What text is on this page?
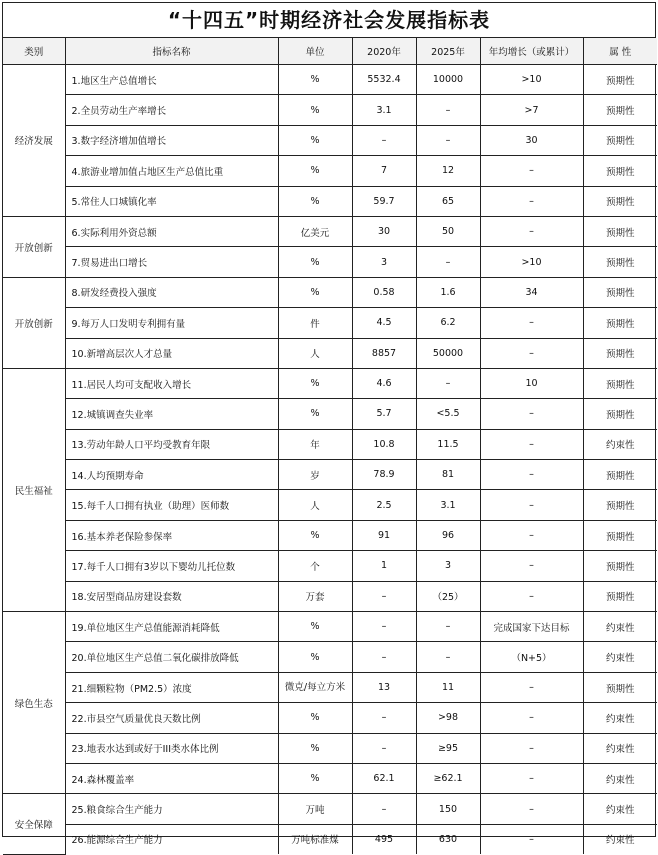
“十四五”时期经济社会发展指标表
类别	指标名称	单位	2020年	2025年	年均增长（或累计）	属 性
经济发展	1.地区生产总值增长	%	5532.4	10000	>10	预期性
	2.全员劳动生产率增长	%	3.1	–	>7	预期性
	3.数字经济增加值增长	%	–	–	30	预期性
	4.旅游业增加值占地区生产总值比重	%	7	12	–	预期性
	5.常住人口城镇化率	%	59.7	65	–	预期性
开放创新	6.实际利用外资总额	亿美元	30	50	–	预期性
	7.贸易进出口增长	%	3	–	>10	预期性
开放创新	8.研发经费投入强度	%	0.58	1.6	34	预期性
	9.每万人口发明专利拥有量	件	4.5	6.2	–	预期性
	10.新增高层次人才总量	人	8857	50000	–	预期性
民生福祉	11.居民人均可支配收入增长	%	4.6	–	10	预期性
	12.城镇调查失业率	%	5.7	<5.5	–	预期性
	13.劳动年龄人口平均受教育年限	年	10.8	11.5	–	约束性
	14.人均预期寿命	岁	78.9	81	–	预期性
	15.每千人口拥有执业（助理）医师数	人	2.5	3.1	–	预期性
	16.基本养老保险参保率	%	91	96	–	预期性
	17.每千人口拥有3岁以下婴幼儿托位数	个	1	3	–	预期性
	18.安居型商品房建设套数	万套	–	（25）	–	预期性
绿色生态	19.单位地区生产总值能源消耗降低	%	–	–	完成国家下达目标	约束性
	20.单位地区生产总值二氧化碳排放降低	%	–	–	（N+5）	约束性
	21.细颗粒物（PM2.5）浓度	微克/每立方米	13	11	–	预期性
	22.市县空气质量优良天数比例	%	–	>98	–	约束性
	23.地表水达到或好于III类水体比例	%	–	≥95	–	约束性
	24.森林覆盖率	%	62.1	≥62.1	–	约束性
安全保障	25.粮食综合生产能力	万吨	–	150	–	约束性
	26.能源综合生产能力	万吨标准煤	495	630	–	约束性
